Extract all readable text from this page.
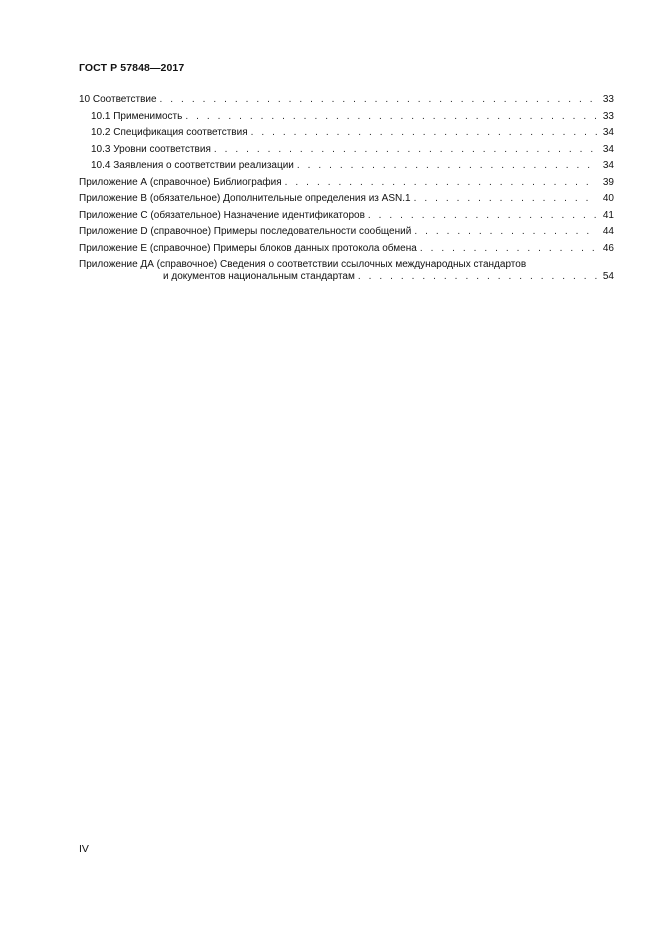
ГОСТ Р 57848—2017
10 Соответствие . . .	33
10.1 Применимость . . .	33
10.2 Спецификация соответствия . . .	34
10.3 Уровни соответствия . . .	34
10.4 Заявления о соответствии реализации . . .	34
Приложение А (справочное) Библиография . . .	39
Приложение В (обязательное) Дополнительные определения из ASN.1 . . .	40
Приложение С (обязательное) Назначение идентификаторов . . .	41
Приложение D (справочное) Примеры последовательности сообщений . . .	44
Приложение Е (справочное) Примеры блоков данных протокола обмена . . .	46
Приложение ДА (справочное) Сведения о соответствии ссылочных международных стандартов
и документов национальным стандартам . . .	54
IV
